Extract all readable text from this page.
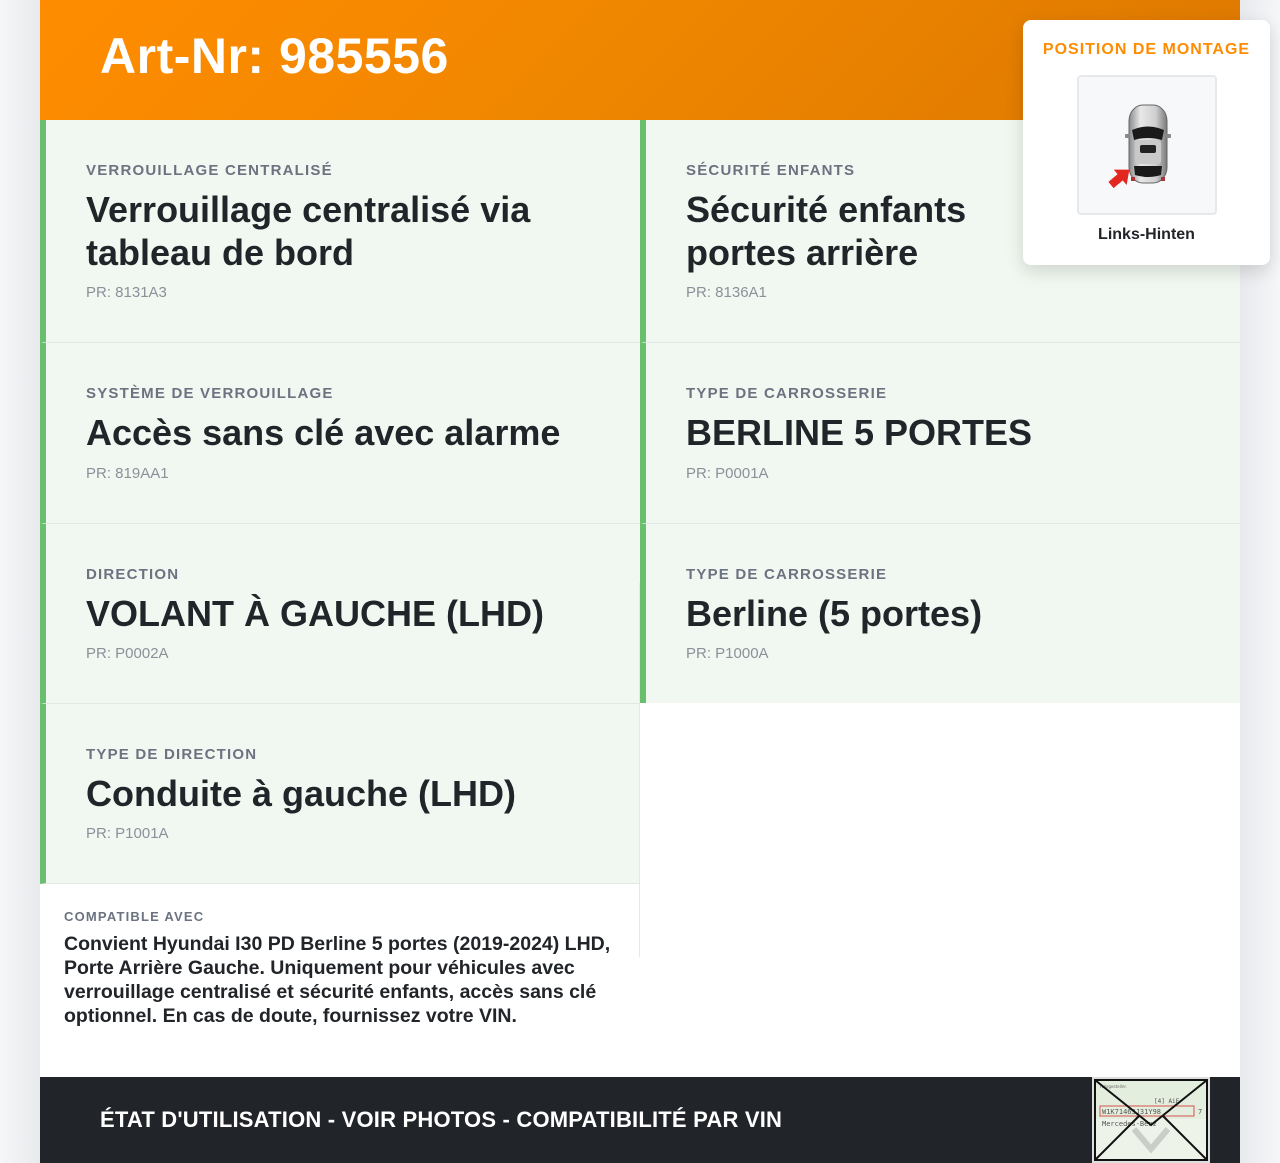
Art-Nr: 985556
VERROUILLAGE CENTRALISÉ
Verrouillage centralisé via tableau de bord
PR: 8131A3
SÉCURITÉ ENFANTS
Sécurité enfants portes arrière
PR: 8136A1
SYSTÈME DE VERROUILLAGE
Accès sans clé avec alarme
PR: 819AA1
TYPE DE CARROSSERIE
BERLINE 5 PORTES
PR: P0001A
DIRECTION
VOLANT À GAUCHE (LHD)
PR: P0002A
TYPE DE CARROSSERIE
Berline (5 portes)
PR: P1000A
TYPE DE DIRECTION
Conduite à gauche (LHD)
PR: P1001A
COMPATIBLE AVEC
Convient Hyundai I30 PD Berline 5 portes (2019-2024) LHD, Porte Arrière Gauche. Uniquement pour véhicules avec verrouillage centralisé et sécurité enfants, accès sans clé optionnel. En cas de doute, fournissez votre VIN.
ÉTAT D'UTILISATION - VOIR PHOTOS - COMPATIBILITÉ PAR VIN
Fahrgestellnr.
[4] AiE
W1K71463J31Y98	7
Mercedes-Benz
POSITION DE MONTAGE
Links-Hinten
